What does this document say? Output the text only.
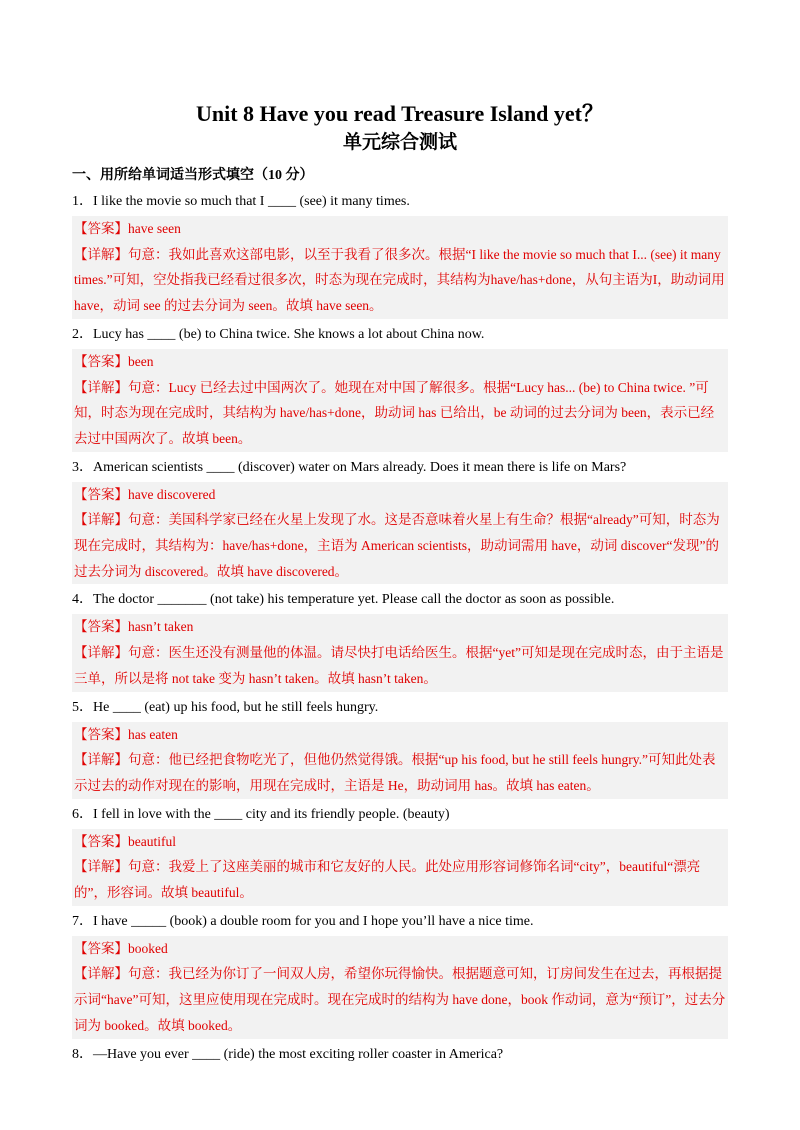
Unit 8 Have you read Treasure Island yet？
单元综合测试
一、用所给单词适当形式填空（10 分）
1．I like the movie so much that I ____ (see) it many times.

【答案】have seen

【详解】句意：我如此喜欢这部电影，以至于我看了很多次。根据“I like the movie so much that I... (see) it many times.”可知，空处指我已经看过很多次，时态为现在完成时，其结构为have/has+done，从句主语为I，助动词用 have，动词 see 的过去分词为 seen。故填 have seen。

2．Lucy has ____ (be) to China twice. She knows a lot about China now.

【答案】been

【详解】句意：Lucy 已经去过中国两次了。她现在对中国了解很多。根据“Lucy has... (be) to China twice. ”可知，时态为现在完成时，其结构为 have/has+done，助动词 has 已给出，be 动词的过去分词为 been，表示已经去过中国两次了。故填 been。

3．American scientists ____ (discover) water on Mars already. Does it mean there is life on Mars?

【答案】have discovered

【详解】句意：美国科学家已经在火星上发现了水。这是否意味着火星上有生命？根据“already”可知，时态为现在完成时，其结构为：have/has+done，主语为 American scientists，助动词需用 have，动词 discover“发现”的过去分词为 discovered。故填 have discovered。

4．The doctor _______ (not take) his temperature yet. Please call the doctor as soon as possible.

【答案】hasn’t taken

【详解】句意：医生还没有测量他的体温。请尽快打电话给医生。根据“yet”可知是现在完成时态，由于主语是三单，所以是将 not take 变为 hasn’t taken。故填 hasn’t taken。

5．He ____ (eat) up his food, but he still feels hungry.

【答案】has eaten

【详解】句意：他已经把食物吃光了，但他仍然觉得饿。根据“up his food, but he still feels hungry.”可知此处表示过去的动作对现在的影响，用现在完成时，主语是 He，助动词用 has。故填 has eaten。

6．I fell in love with the ____ city and its friendly people. (beauty)

【答案】beautiful

【详解】句意：我爱上了这座美丽的城市和它友好的人民。此处应用形容词修饰名词“city”，beautiful“漂亮的”，形容词。故填 beautiful。

7．I have _____ (book) a double room for you and I hope you’ll have a nice time.

【答案】booked

【详解】句意：我已经为你订了一间双人房，希望你玩得愉快。根据题意可知，订房间发生在过去，再根据提示词“have”可知，这里应使用现在完成时。现在完成时的结构为 have done，book 作动词，意为“预订”，过去分词为 booked。故填 booked。

8．—Have you ever ____ (ride) the most exciting roller coaster in America?
